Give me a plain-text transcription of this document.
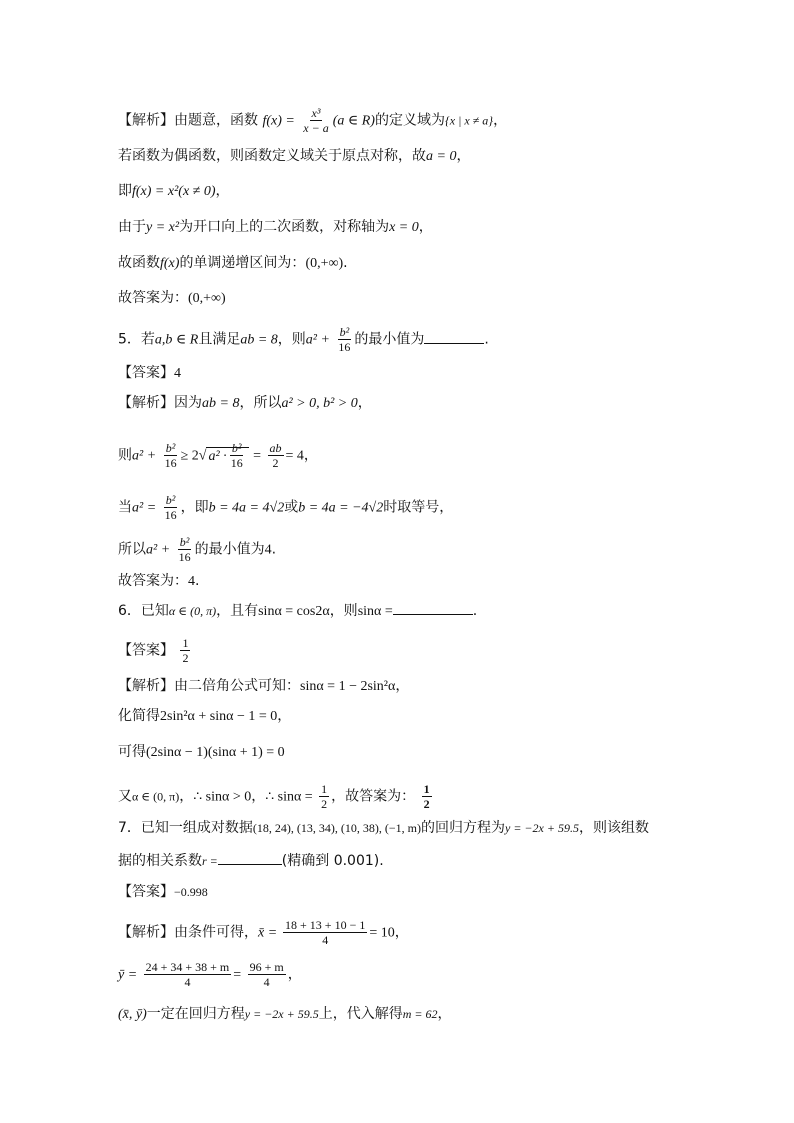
【解析】由题意，函数 $f(x) = \frac{\text{x³}}{x - a} (a$ ∈ R)的定义域为{x | x ≠ a}，
若函数为偶函数，则函数定义域关于原点对称，故a = 0，
即f(x) = x²(x ≠ 0)，
由于y = x²为开口向上的二次函数，对称轴为x = 0，
故函数f(x)的单调递增区间为：(0,+∞).
故答案为：(0,+∞)
5．若a,b ∈ R且满足ab = 8，则$a^2 + \frac{\text{b²}}{16}$ 的最小值为	.
【答案】4
【解析】因为ab = 8，所以a² > 0, b² > 0，
则$a^2 + \frac{\text{b²}}{16} \ge 2√$ $a^2 \cdot \frac{\text{b²}}{16} = \frac{ab}{2} = 4$，
当$a^2 = \frac{\text{b²}}{16}$ ，即b = 4a = 4√2或b = 4a = −4√2时取等号，
所以$a^2 + \frac{\text{b²}}{16}$ 的最小值为4.
故答案为：4.
6．已知α ∈ (0, π)，且有sinα = cos2α，则sinα =	.
【答案】 $\frac{1}{2}$
【解析】由二倍角公式可知：sinα = 1 − 2sin²α，
化简得2sin²α + sinα − 1 = 0，
可得(2sinα − 1)(sinα + 1) = 0
又α ∈ (0, π)，∴ sinα > 0，∴ $\sin\alpha = \frac{1}{2}$ ，故答案为： $\frac{1}{2}$
7．已知一组成对数据(18, 24), (13, 34), (10, 38), (−1, m)的回归方程为y = −2x + 59.5，则该组数
据的相关系数r =	(精确到 0.001).
【答案】−0.998
【解析】由条件可得，x̄ = $\frac{18 + 13 + 10 - 1}{4} = 10$，
ȳ = $\frac{24 + 34 + 38 + m}{4} = \frac{96 + m}{4}$ ，
(x̄, ȳ)一定在回归方程y = −2x + 59.5上，代入解得m = 62，
